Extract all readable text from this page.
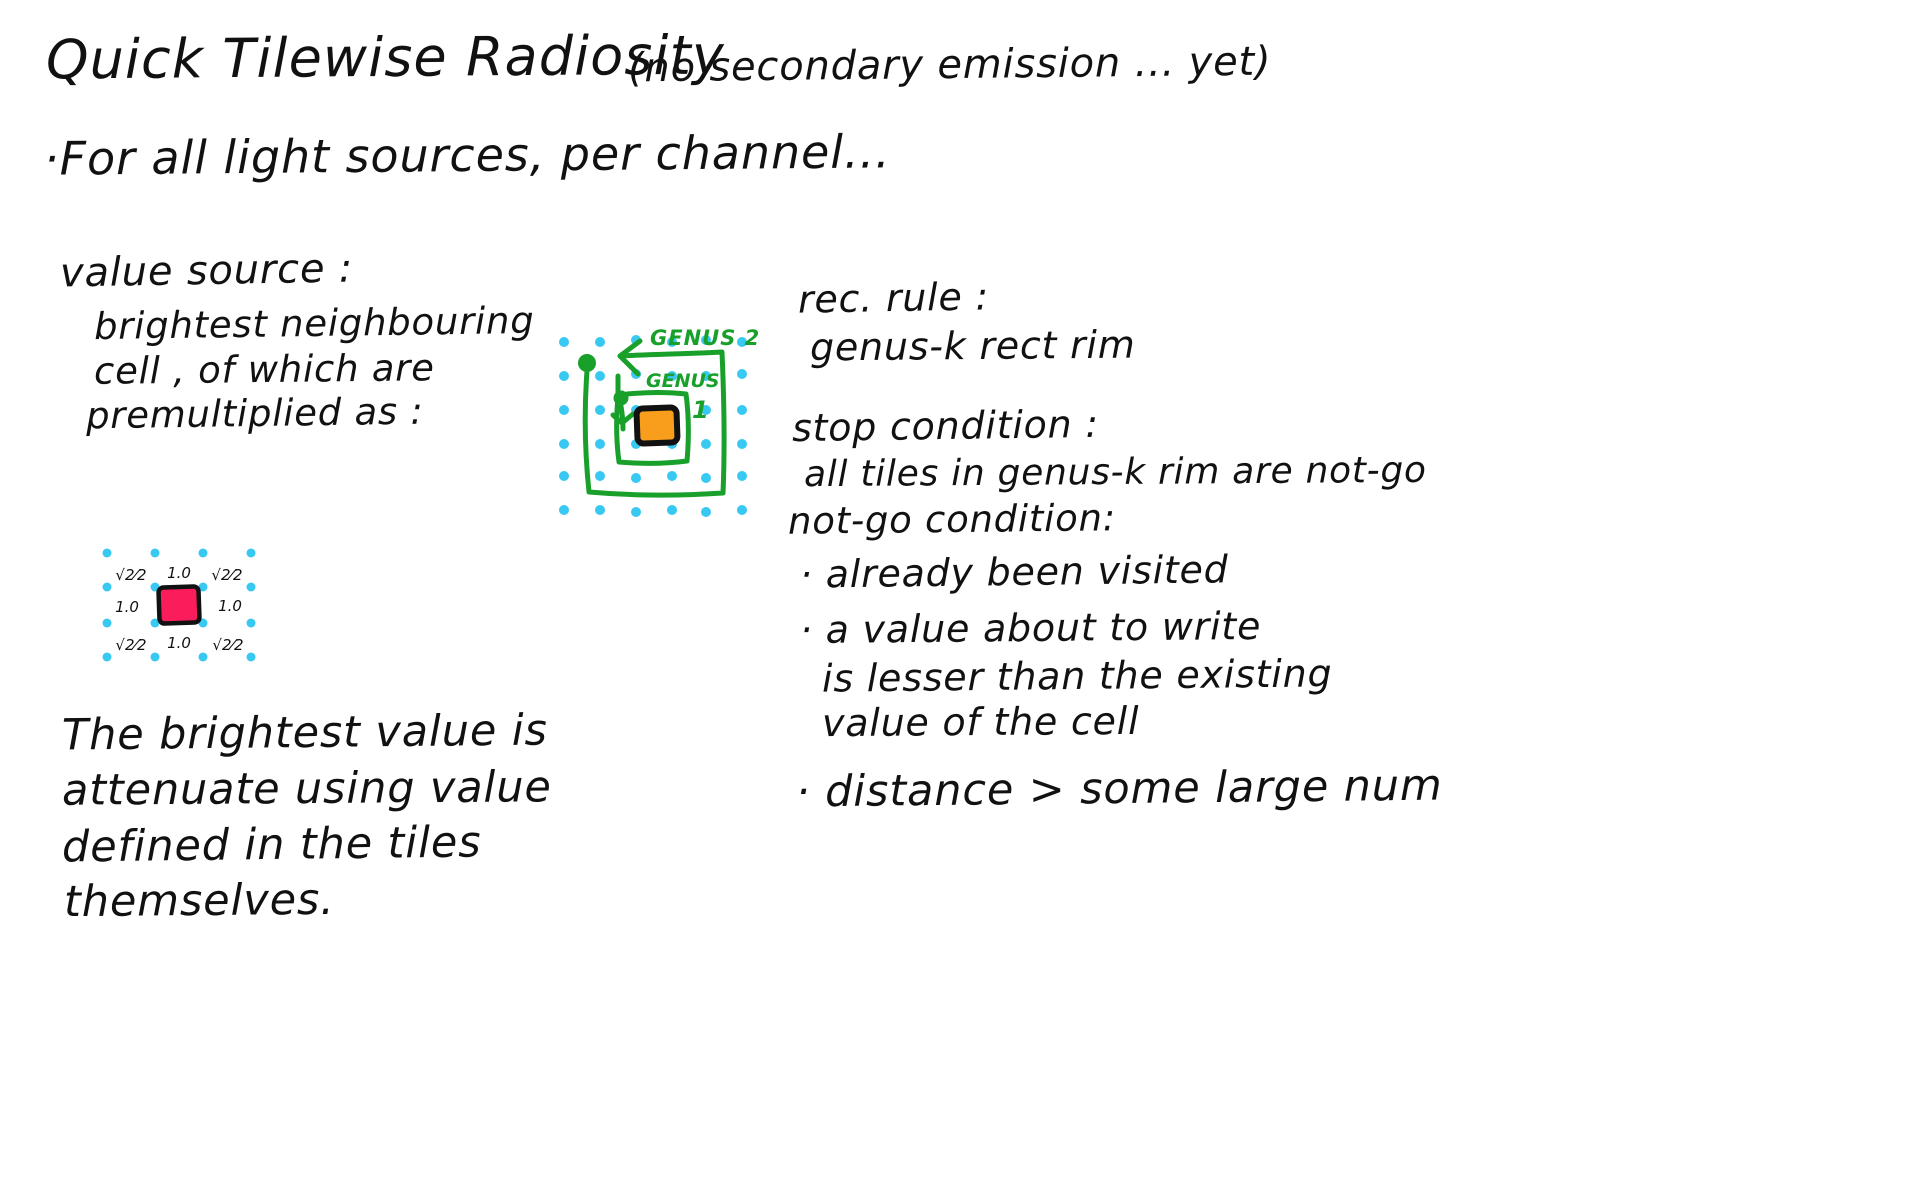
Quick Tilewise Radiosity
(no secondary emission ... yet)
·For all light sources, per channel...
value source :
brightest neighbouring
cell , of which are
premultiplied as :
√2⁄2 1.0 √2⁄2
1.0	1.0
√2⁄2 1.0 √2⁄2
The brightest value is
attenuate using value
defined in the tiles
themselves.
GENUS 2
GENUS
1
rec. rule :
genus-k rect rim
stop condition :
all tiles in genus-k rim are not-go
not-go condition:
· already been visited
· a value about to write
is lesser than the existing
value of the cell
· distance > some large num
